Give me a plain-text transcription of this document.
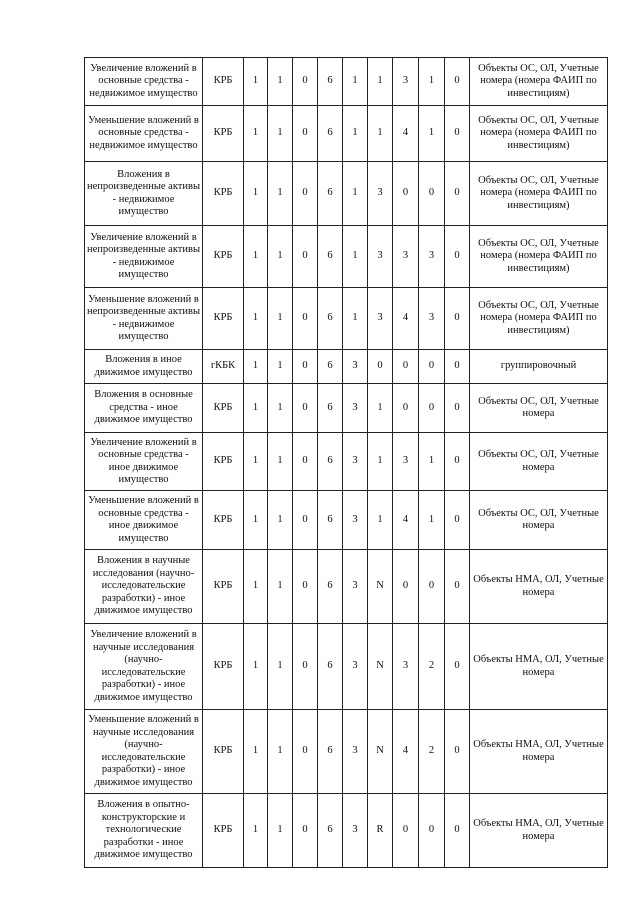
Увеличение вложений в основные средства - недвижимое имущество	КРБ	1	1	0	6	1	1	3	1	0	Объекты ОС, ОЛ, Учетные номера (номера ФАИП по инвестициям)
Уменьшение вложений в основные средства - недвижимое имущество	КРБ	1	1	0	6	1	1	4	1	0	Объекты ОС, ОЛ, Учетные номера (номера ФАИП по инвестициям)
Вложения в непроизведенные активы - недвижимое имущество	КРБ	1	1	0	6	1	3	0	0	0	Объекты ОС, ОЛ, Учетные номера (номера ФАИП по инвестициям)
Увеличение вложений в непроизведенные активы - недвижимое имущество	КРБ	1	1	0	6	1	3	3	3	0	Объекты ОС, ОЛ, Учетные номера (номера ФАИП по инвестициям)
Уменьшение вложений в непроизведенные активы - недвижимое имущество	КРБ	1	1	0	6	1	3	4	3	0	Объекты ОС, ОЛ, Учетные номера (номера ФАИП по инвестициям)
Вложения в иное движимое имущество	гКБК	1	1	0	6	3	0	0	0	0	группировочный
Вложения в основные средства - иное движимое имущество	КРБ	1	1	0	6	3	1	0	0	0	Объекты ОС, ОЛ, Учетные номера
Увеличение вложений в основные средства - иное движимое имущество	КРБ	1	1	0	6	3	1	3	1	0	Объекты ОС, ОЛ, Учетные номера
Уменьшение вложений в основные средства - иное движимое имущество	КРБ	1	1	0	6	3	1	4	1	0	Объекты ОС, ОЛ, Учетные номера
Вложения в научные исследования (научно-исследовательские разработки) - иное движимое имущество	КРБ	1	1	0	6	3	N	0	0	0	Объекты НМА, ОЛ, Учетные номера
Увеличение вложений в научные исследования (научно-исследовательские разработки) - иное движимое имущество	КРБ	1	1	0	6	3	N	3	2	0	Объекты НМА, ОЛ, Учетные номера
Уменьшение вложений в научные исследования (научно-исследовательские разработки) - иное движимое имущество	КРБ	1	1	0	6	3	N	4	2	0	Объекты НМА, ОЛ, Учетные номера
Вложения в опытно-конструкторские и технологические разработки - иное движимое имущество	КРБ	1	1	0	6	3	R	0	0	0	Объекты НМА, ОЛ, Учетные номера
